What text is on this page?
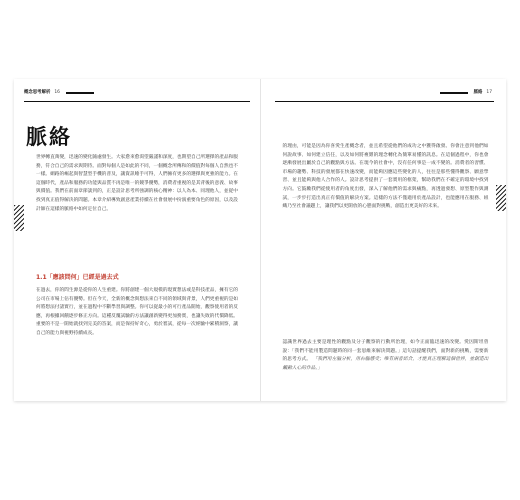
概念思考解析 16
脈絡
世界轉直萬變，迅速的變化隨處發生。大家愈來愈渴望嚴謹和深度，也期望自己所選擇的產品和服務，符合自己的需求與期待。面對每個人是如此的不同，一個概念所傳和的價值對每個人自然也不一樣。網路的崛起與智慧型手機的普及，讓資訊唾手可得，人們擁有更多的選擇與更強的能力。在這個時代，產品和服務的功能與品質不再是唯一的競爭優勢，消費者重視的是其背後的意義、故事與價值。我們在前面章節談到的，正是設計思考所強調的核心精神：以人為本、同理他人，並從中找到真正值得解決的問題。本章介紹導致創意產業持續在社會發展中扮演重要角色的原因，以及設計師在這樣的脈絡中如何定位自己。
1.1「應該問何」已經是過去式
在過去，你的問生源是從你的人生重建。你將創建一個大規模的現實想法或是科技產品，擁有它的公司在市場上佔有優勢。但在今天，全新的概念與想法來自不同的領域與背景，人們更重視的是如何將想法付諸實行，並在過程中不斷學習與調整。你可以從最小的可行產品開始，觀察使用者的反應，再根據回饋逐步修正方向。這種反覆試驗的方法讓創新變得更加務實，也讓失敗的代價降低。重要的不是一開始就找到完美的答案，而是保持好奇心，勇於嘗試，從每一次經驗中累積洞察，讓自己的能力與視野持續成長。
脈絡 17
的理由，可能是因為你喜愛生產概念者，並且希望從他們的成功之中獲得啟發。你會注意到他們如何說故事、如何建立信任，以及如何將複雜的理念轉化為簡單易懂的訊息。在這個過程中，你也會逐漸發展出屬於自己的觀點與方法。在現今的社會中，沒有任何事是一成不變的。消費者的習慣、市場的趨勢、科技的發展都在快速改變，而能夠因應這些變化的人，往往是那些懂得觀察、願意學習、並且能夠與他人合作的人。設計思考提供了一套實用的框架，幫助我們在不確定的環境中找到方向。它鼓勵我們從使用者的角度出發，深入了解他們的需求與痛點，再透過發想、原型製作與測試，一步步打造出真正有價值的解決方案。這樣的方法不僅適用於產品設計，也能應用在服務、組織乃至社會議題上，讓我們以更開放的心態面對挑戰，創造出更美好的未來。
認識世界過去主要是理性的觀點及分子觀察的行動所治理，如今正面臨迅速的改變。愛因斯坦曾說：「我們不能用製造問題時的同一套思維來解決問題。」這句話提醒我們，面對新的挑戰，需要新的思考方式。 「我們用左腦分析，用右腦感受；唯有兩者結合，才能真正理解這個世界，並創造出觸動人心的作品。」
